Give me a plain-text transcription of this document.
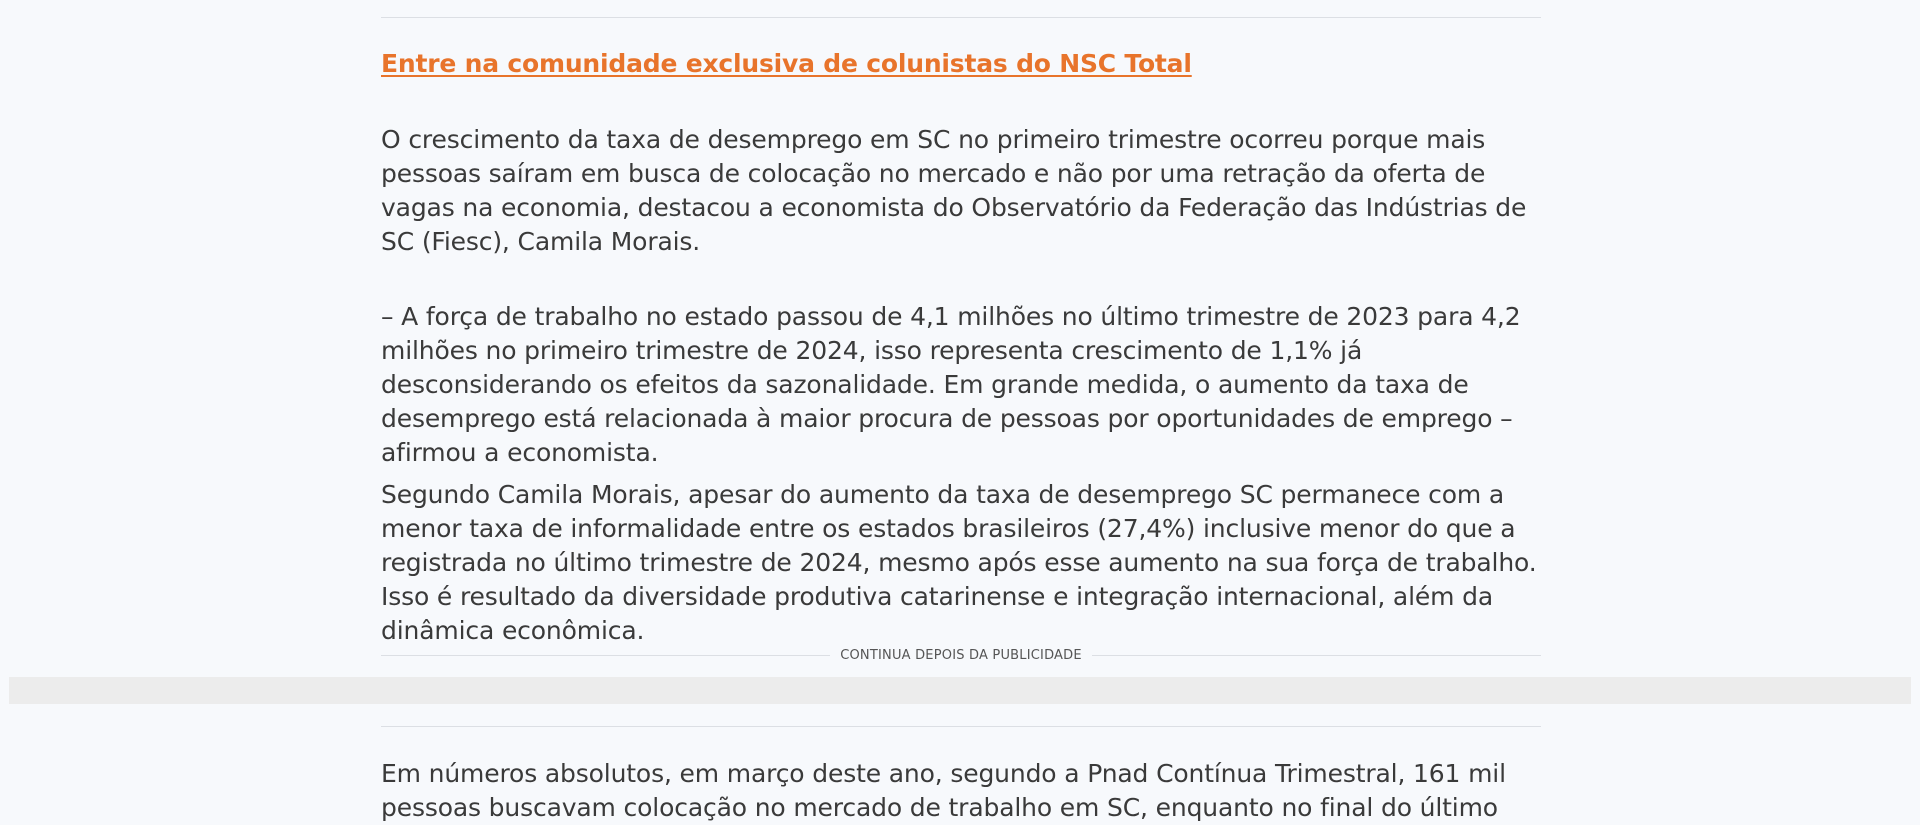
Entre na comunidade exclusiva de colunistas do NSC Total

O crescimento da taxa de desemprego em SC no primeiro trimestre ocorreu porque mais pessoas saíram em busca de colocação no mercado e não por uma retração da oferta de vagas na economia, destacou a economista do Observatório da Federação das Indústrias de SC (Fiesc), Camila Morais.

– A força de trabalho no estado passou de 4,1 milhões no último trimestre de 2023 para 4,2 milhões no primeiro trimestre de 2024, isso representa crescimento de 1,1% já desconsiderando os efeitos da sazonalidade. Em grande medida, o aumento da taxa de desemprego está relacionada à maior procura de pessoas por oportunidades de emprego – afirmou a economista.

Segundo Camila Morais, apesar do aumento da taxa de desemprego SC permanece com a menor taxa de informalidade entre os estados brasileiros (27,4%) inclusive menor do que a registrada no último trimestre de 2024, mesmo após esse aumento na sua força de trabalho. Isso é resultado da diversidade produtiva catarinense e integração internacional, além da dinâmica econômica.

CONTINUA DEPOIS DA PUBLICIDADE

Em números absolutos, em março deste ano, segundo a Pnad Contínua Trimestral, 161 mil pessoas buscavam colocação no mercado de trabalho em SC, enquanto no final do último
